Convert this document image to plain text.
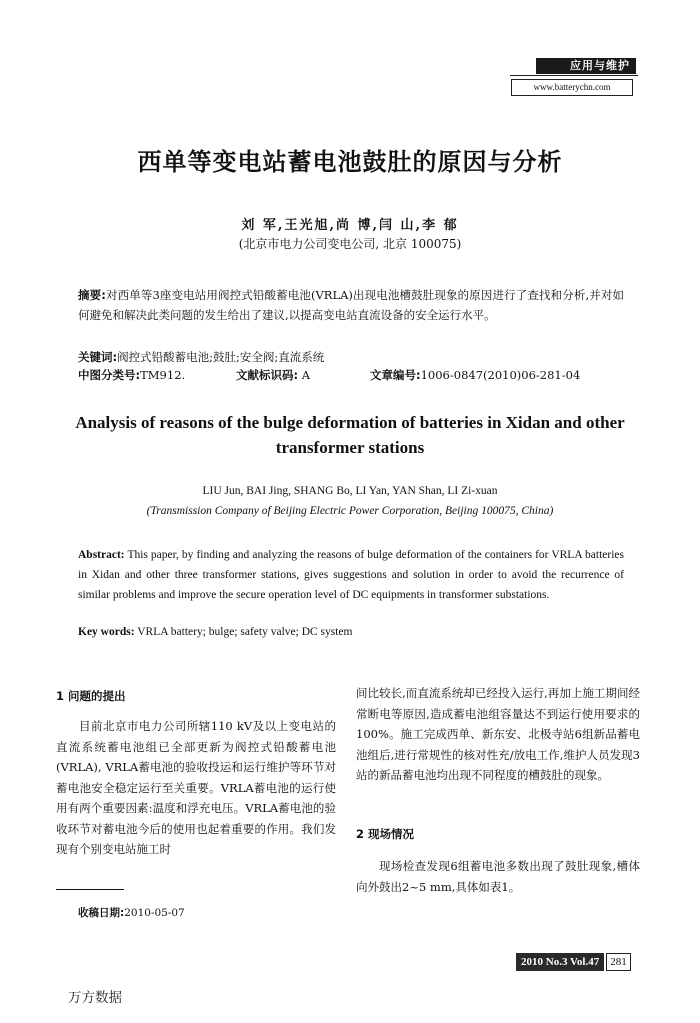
应用与维护
www.batterychn.com
西单等变电站蓄电池鼓肚的原因与分析
刘 军,王光旭,尚 博,闫 山,李 郁
(北京市电力公司变电公司, 北京 100075)
摘要:对西单等3座变电站用阀控式铅酸蓄电池(VRLA)出现电池槽鼓肚现象的原因进行了查找和分析,并对如何避免和解决此类问题的发生给出了建议,以提高变电站直流设备的安全运行水平。
关键词:阀控式铅酸蓄电池;鼓肚;安全阀;直流系统
中图分类号:TM912.	文献标识码: A	文章编号:1006-0847(2010)06-281-04
Analysis of reasons of the bulge deformation of batteries in Xidan and other transformer stations
LIU Jun, BAI Jing, SHANG Bo, LI Yan, YAN Shan, LI Zi-xuan
(Transmission Company of Beijing Electric Power Corporation, Beijing 100075, China)
Abstract: This paper, by finding and analyzing the reasons of bulge deformation of the containers for VRLA batteries in Xidan and other three transformer stations, gives suggestions and solution in order to avoid the recurrence of similar problems and improve the secure operation level of DC equipments in transformer substations.
Key words: VRLA battery; bulge; safety valve; DC system
1 问题的提出
目前北京市电力公司所辖110 kV及以上变电站的直流系统蓄电池组已全部更新为阀控式铅酸蓄电池(VRLA), VRLA蓄电池的验收投运和运行维护等环节对蓄电池安全稳定运行至关重要。VRLA蓄电池的运行使用有两个重要因素:温度和浮充电压。VRLA蓄电池的验收环节对蓄电池今后的使用也起着重要的作用。我们发现有个别变电站施工时
间比较长,而直流系统却已经投入运行,再加上施工期间经常断电等原因,造成蓄电池组容量达不到运行使用要求的100%。施工完成西单、新东安、北极寺站6组新品蓄电池组后,进行常规性的核对性充/放电工作,维护人员发现3站的新品蓄电池均出现不同程度的槽鼓肚的现象。
2 现场情况
现场检查发现6组蓄电池多数出现了鼓肚现象,槽体向外鼓出2~5 mm,具体如表1。
收稿日期:2010-05-07
2010 No.3 Vol.47 281
万方数据
